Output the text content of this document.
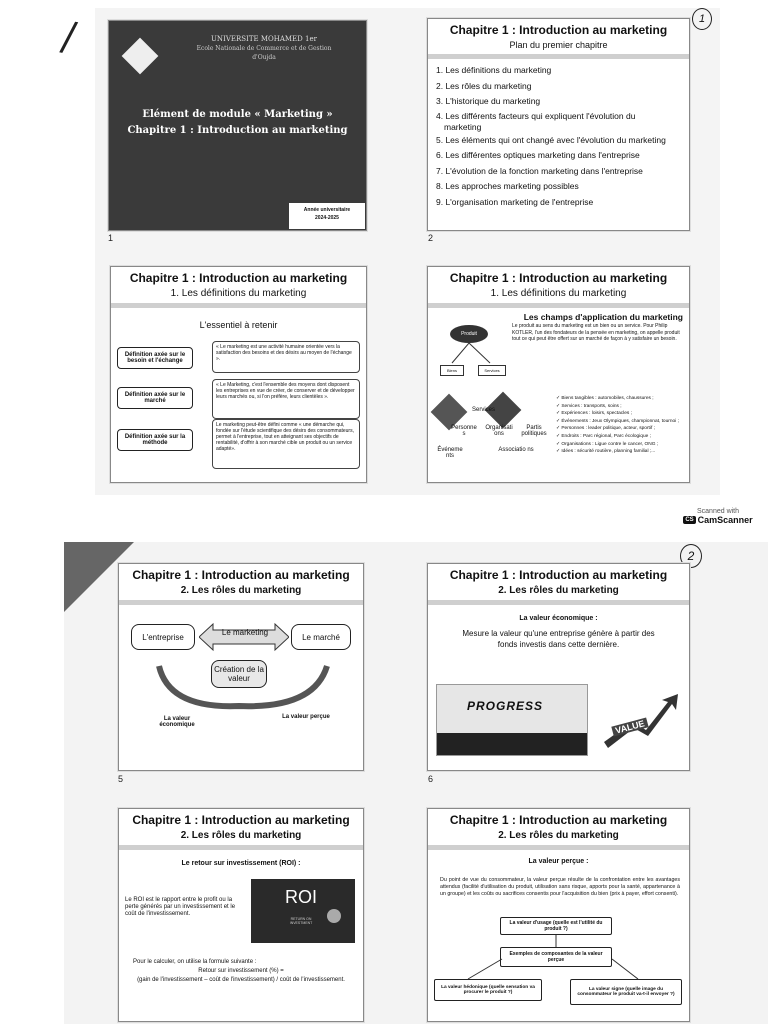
/	1
UNIVERSITE MOHAMED 1er
Ecole Nationale de Commerce et de Gestion
d'Oujda
Elément de module « Marketing »
Chapitre 1 : Introduction au marketing
Année universitaire
2024-2025
1
Chapitre 1 : Introduction au marketing
Plan du premier chapitre
1. Les définitions du marketing
2. Les rôles du marketing
3. L'historique du marketing
4. Les différents facteurs qui expliquent l'évolution du
marketing
5. Les éléments qui ont changé avec l'évolution du marketing
6. Les différentes optiques marketing dans l'entreprise
7. L'évolution de la fonction marketing dans l'entreprise
8. Les approches marketing possibles
9. L'organisation marketing de l'entreprise
2
Chapitre 1 : Introduction au marketing
1. Les définitions du marketing
L'essentiel à retenir
Définition axée sur le besoin et l'échange
« Le marketing est une activité humaine orientée vers la satisfaction des besoins et des désirs au moyen de l'échange ».
Définition axée sur le marché
« Le Marketing, c'est l'ensemble des moyens dont disposent les entreprises en vue de créer, de conserver et de développer leurs marchés ou, si l'on préfère, leurs clientèles ».
Définition axée sur la méthode
Le marketing peut-être défini comme « une démarche qui, fondée sur l'étude scientifique des désirs des consommateurs, permet à l'entreprise, tout en atteignant ses objectifs de rentabilité, d'offrir à son marché cible un produit ou un service adapté».
Chapitre 1 : Introduction au marketing
1. Les définitions du marketing
Les champs d'application du marketing
Produit
Biens	Services
Le produit au sens du marketing est un bien ou un service. Pour Philip KOTLER, l'un des fondateurs de la pensée en marketing, on appelle produit tout ce qui peut être offert sur un marché de façon à y satisfaire un besoin.
Services
Personne s
Organisati ons
Partis politiques
Événeme nts
Associatio ns
✓ Biens tangibles : automobiles, chaussures ;
✓ Services : transports, soins ;
✓ Expériences : loisirs, spectacles ;
✓ Événements : Jeux Olympiques, championnat, tournoi ;
✓ Personnes : leader politique, acteur, sportif ;
✓ Endroits : Parc régional, Parc écologique ;
✓ Organisations : Ligue contre le cancer, ONG ;
✓ Idées : sécurité routière, planning familial ;...
Scanned with
CS CamScanner
2
Chapitre 1 : Introduction au marketing
2. Les rôles du marketing
L'entreprise	Le marketing	Le marché
Création de la valeur
La valeur économique
La valeur perçue
5
Chapitre 1 : Introduction au marketing
2. Les rôles du marketing
La valeur économique :
Mesure la valeur qu'une entreprise génère à partir des fonds investis dans cette dernière.
PROGRESS
VALUE
6
Chapitre 1 : Introduction au marketing
2. Les rôles du marketing
Le retour sur investissement (ROI) :
Le ROI est le rapport entre le profit ou la perte générés par un investissement et le coût de l'investissement.
ROI
RETURN ON INVESTMENT
Pour le calculer, on utilise la formule suivante :
Retour sur investissement (%) =
(gain de l'investissement – coût de l'investissement) / coût de l'investissement.
Chapitre 1 : Introduction au marketing
2. Les rôles du marketing
La valeur perçue :
Du point de vue du consommateur, la valeur perçue résulte de la confrontation entre les avantages attendus (facilité d'utilisation du produit, utilisation sans risque, apports pour la santé, appartenance à un groupe) et les coûts ou sacrifices consentis pour l'acquisition du bien (prix à payer, effort consenti).
La valeur d'usage (quelle est l'utilité du produit ?)
Exemples de composantes de la valeur perçue
La valeur hédonique (quelle sensation va procurer le produit ?)
La valeur signe (quelle image du consommateur le produit va-t-il envoyer ?)
